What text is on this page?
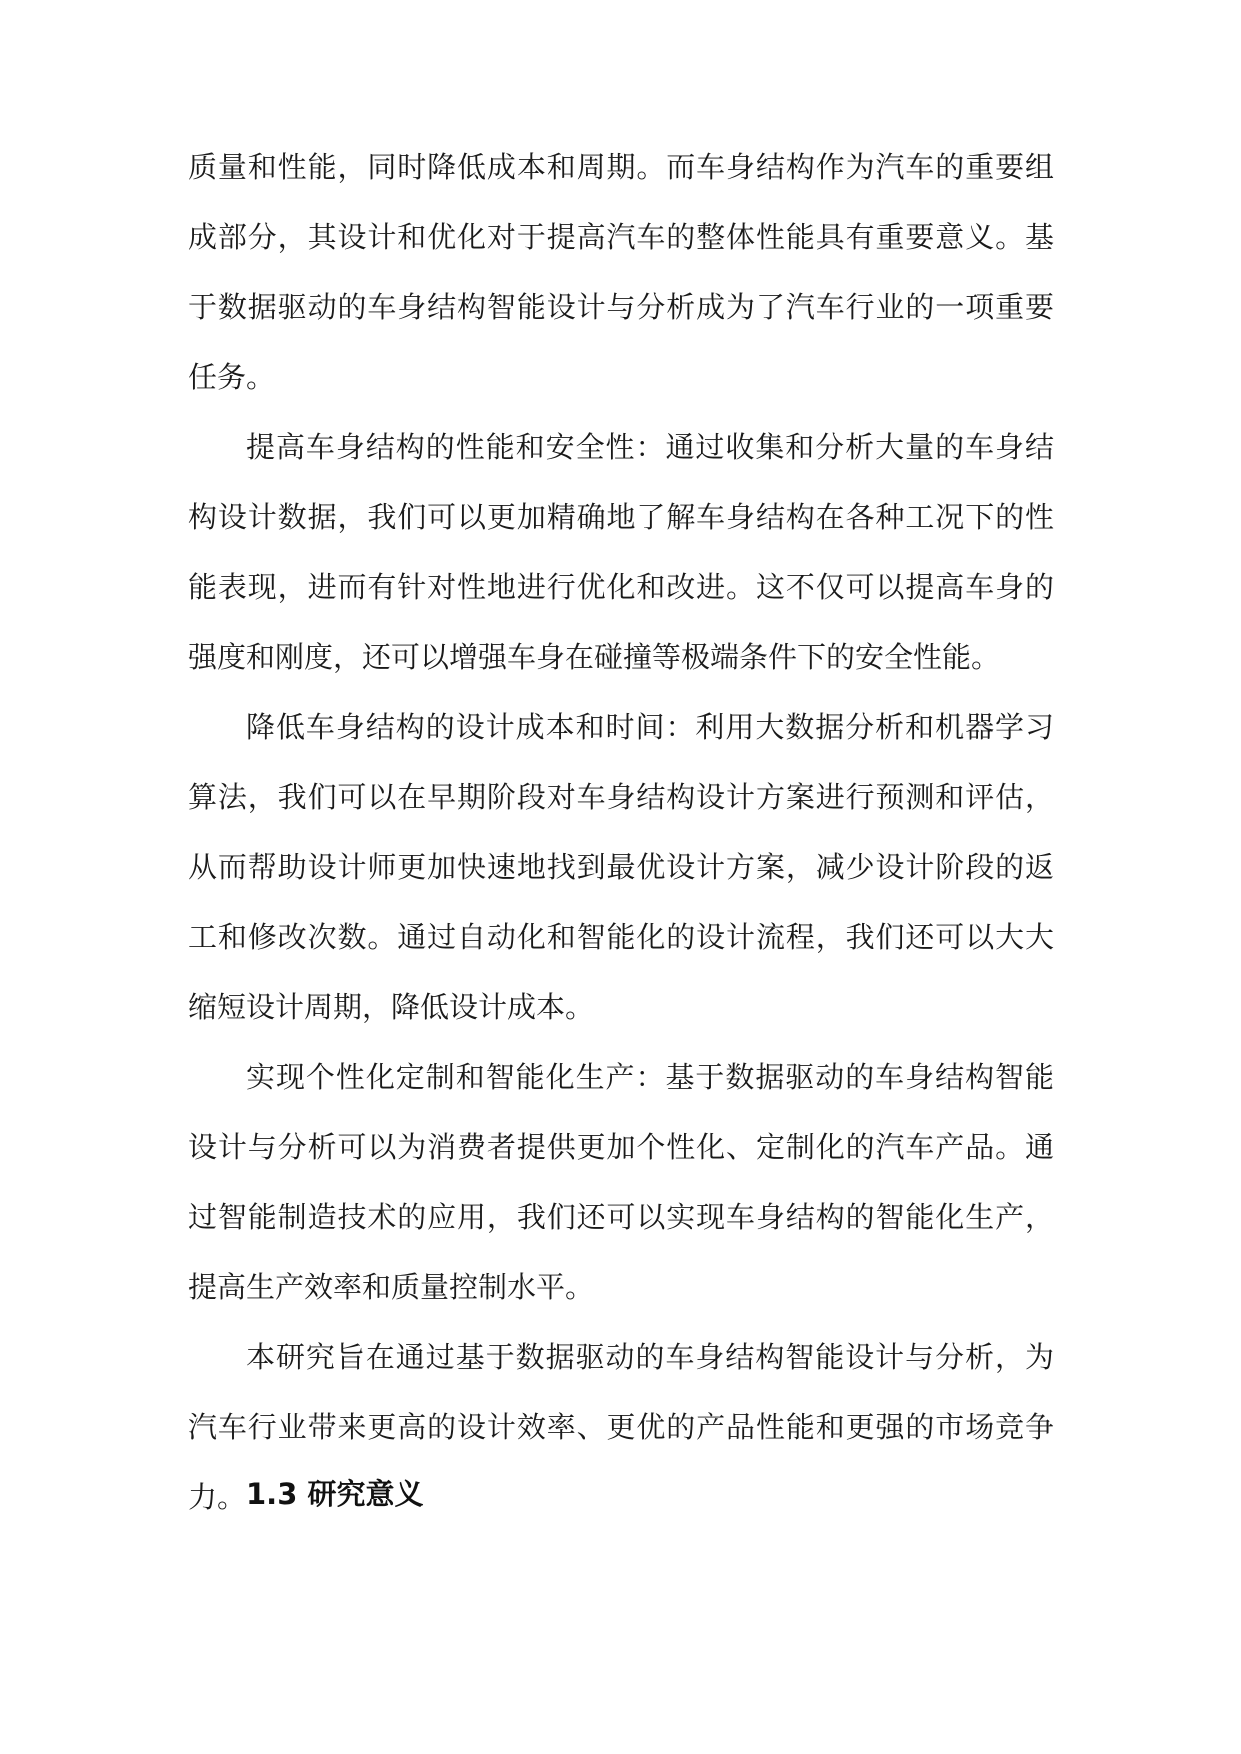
质量和性能，同时降低成本和周期。而车身结构作为汽车的重要组成部分，其设计和优化对于提高汽车的整体性能具有重要意义。基于数据驱动的车身结构智能设计与分析成为了汽车行业的一项重要任务。

提高车身结构的性能和安全性：通过收集和分析大量的车身结构设计数据，我们可以更加精确地了解车身结构在各种工况下的性能表现，进而有针对性地进行优化和改进。这不仅可以提高车身的强度和刚度，还可以增强车身在碰撞等极端条件下的安全性能。

降低车身结构的设计成本和时间：利用大数据分析和机器学习算法，我们可以在早期阶段对车身结构设计方案进行预测和评估，从而帮助设计师更加快速地找到最优设计方案，减少设计阶段的返工和修改次数。通过自动化和智能化的设计流程，我们还可以大大缩短设计周期，降低设计成本。

实现个性化定制和智能化生产：基于数据驱动的车身结构智能设计与分析可以为消费者提供更加个性化、定制化的汽车产品。通过智能制造技术的应用，我们还可以实现车身结构的智能化生产，提高生产效率和质量控制水平。

本研究旨在通过基于数据驱动的车身结构智能设计与分析，为汽车行业带来更高的设计效率、更优的产品性能和更强的市场竞争力。 1.3 研究意义
